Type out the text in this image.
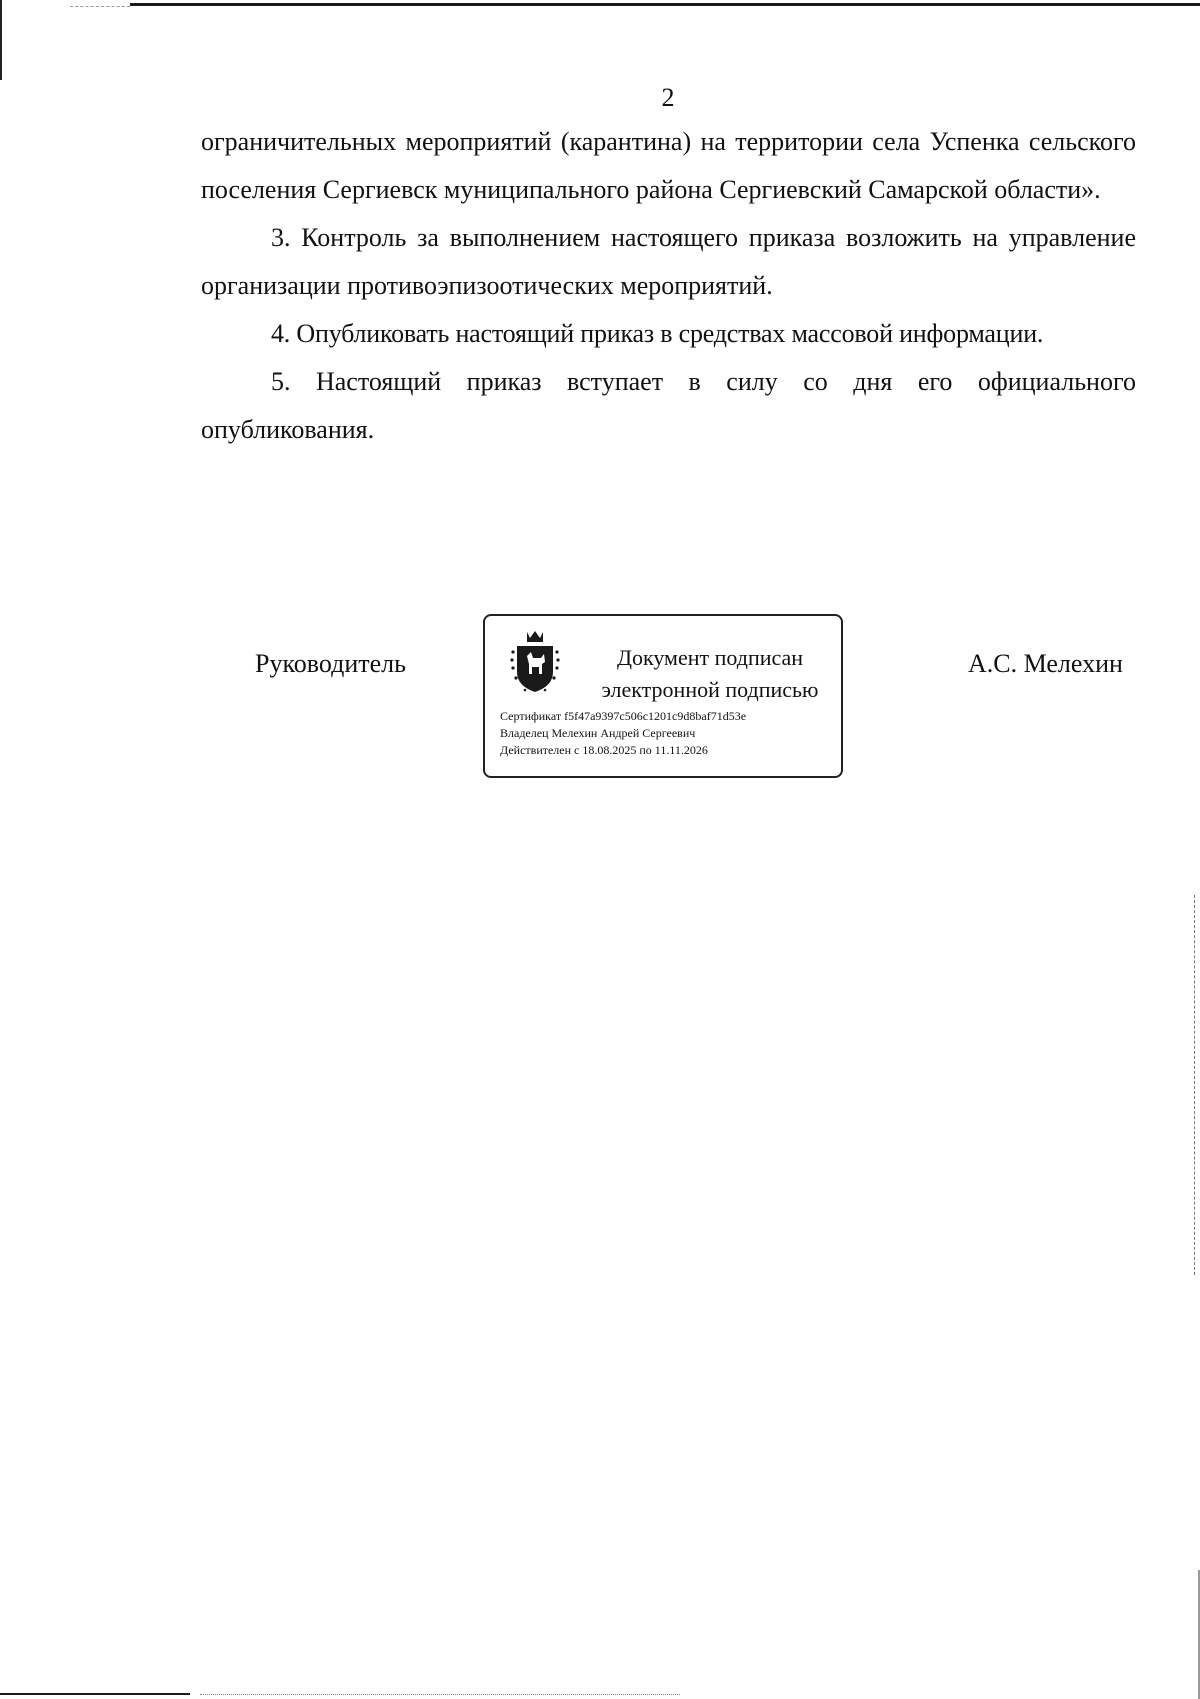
2

ограничительных мероприятий (карантина) на территории села Успенка сельского поселения Сергиевск муниципального района Сергиевский Самарской области».

3. Контроль за выполнением настоящего приказа возложить на управление организации противоэпизоотических мероприятий.

4. Опубликовать настоящий приказ в средствах массовой информации.

5. Настоящий приказ вступает в силу со дня его официального опубликования.

Руководитель	Документ подписан
электронной подписью
Сертификат f5f47a9397c506c1201c9d8baf71d53e
Владелец Мелехин Андрей Сергеевич
Действителен с 18.08.2025 по 11.11.2026
А.С. Мелехин
